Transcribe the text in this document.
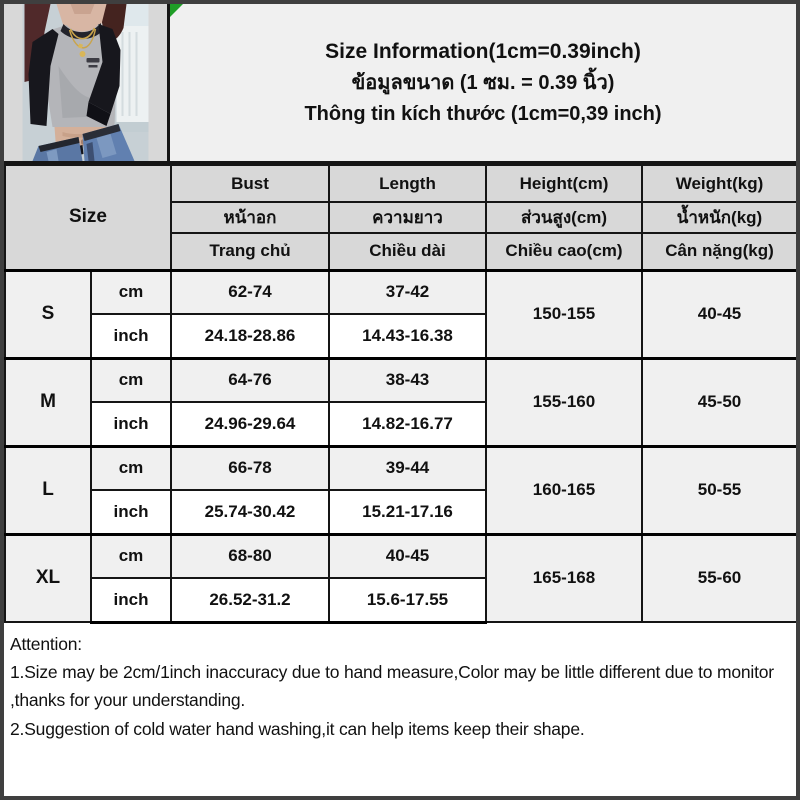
Size Information(1cm=0.39inch)
ข้อมูลขนาด (1 ซม. = 0.39 นิ้ว)
Thông tin kích thước (1cm=0,39 inch)
Size		Bust	Length	Height(cm)	Weight(kg)
		หน้าอก	ความยาว	ส่วนสูง(cm)	น้ำหนัก(kg)
		Trang chủ	Chiều dài	Chiều cao(cm)	Cân nặng(kg)
S	cm	62-74	37-42	150-155	40-45
	inch	24.18-28.86	14.43-16.38		
M	cm	64-76	38-43	155-160	45-50
	inch	24.96-29.64	14.82-16.77		
L	cm	66-78	39-44	160-165	50-55
	inch	25.74-30.42	15.21-17.16		
XL	cm	68-80	40-45	165-168	55-60
	inch	26.52-31.2	15.6-17.55		
Attention:
1.Size may be 2cm/1inch inaccuracy due to hand measure,Color may be little different due to monitor ,thanks for your understanding.
2.Suggestion of cold water hand washing,it can help items keep their shape.
